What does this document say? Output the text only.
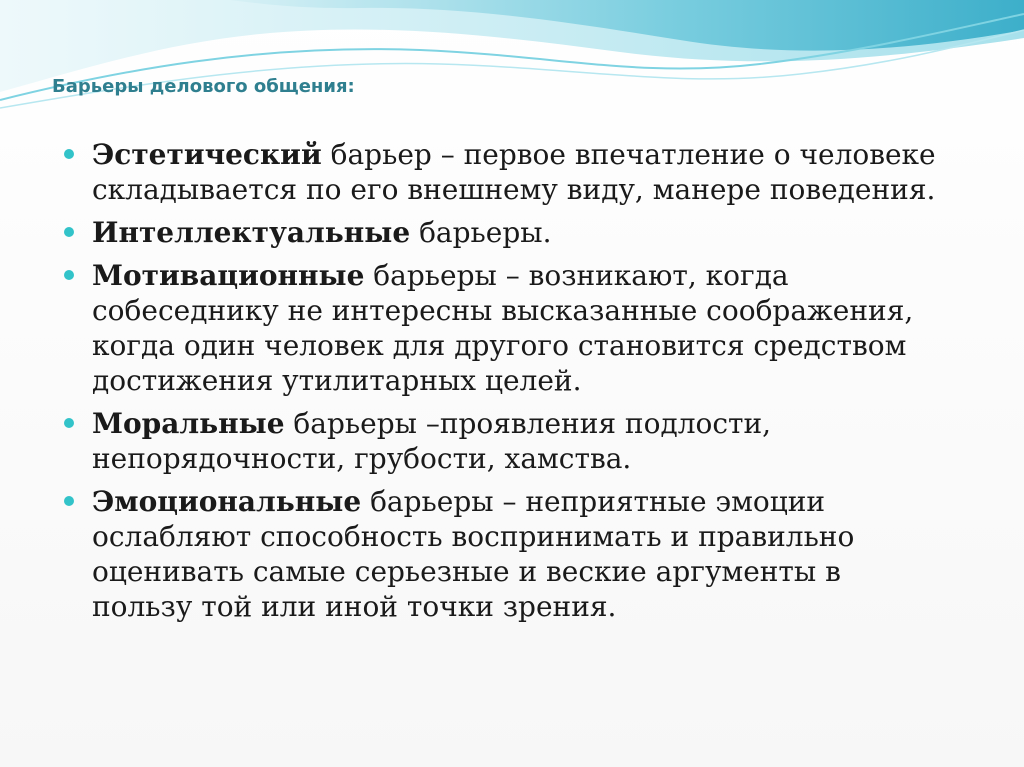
Барьеры делового общения:
Эстетический барьер – первое впечатление о человеке
складывается по его внешнему виду, манере поведения.
Интеллектуальные барьеры.
Мотивационные барьеры – возникают, когда
собеседнику не интересны высказанные соображения,
когда один человек для другого становится средством
достижения утилитарных целей.
Моральные барьеры –проявления подлости,
непорядочности, грубости, хамства.
Эмоциональные барьеры – неприятные эмоции
ослабляют способность воспринимать и правильно
оценивать самые серьезные и веские аргументы в
пользу той или иной точки зрения.
